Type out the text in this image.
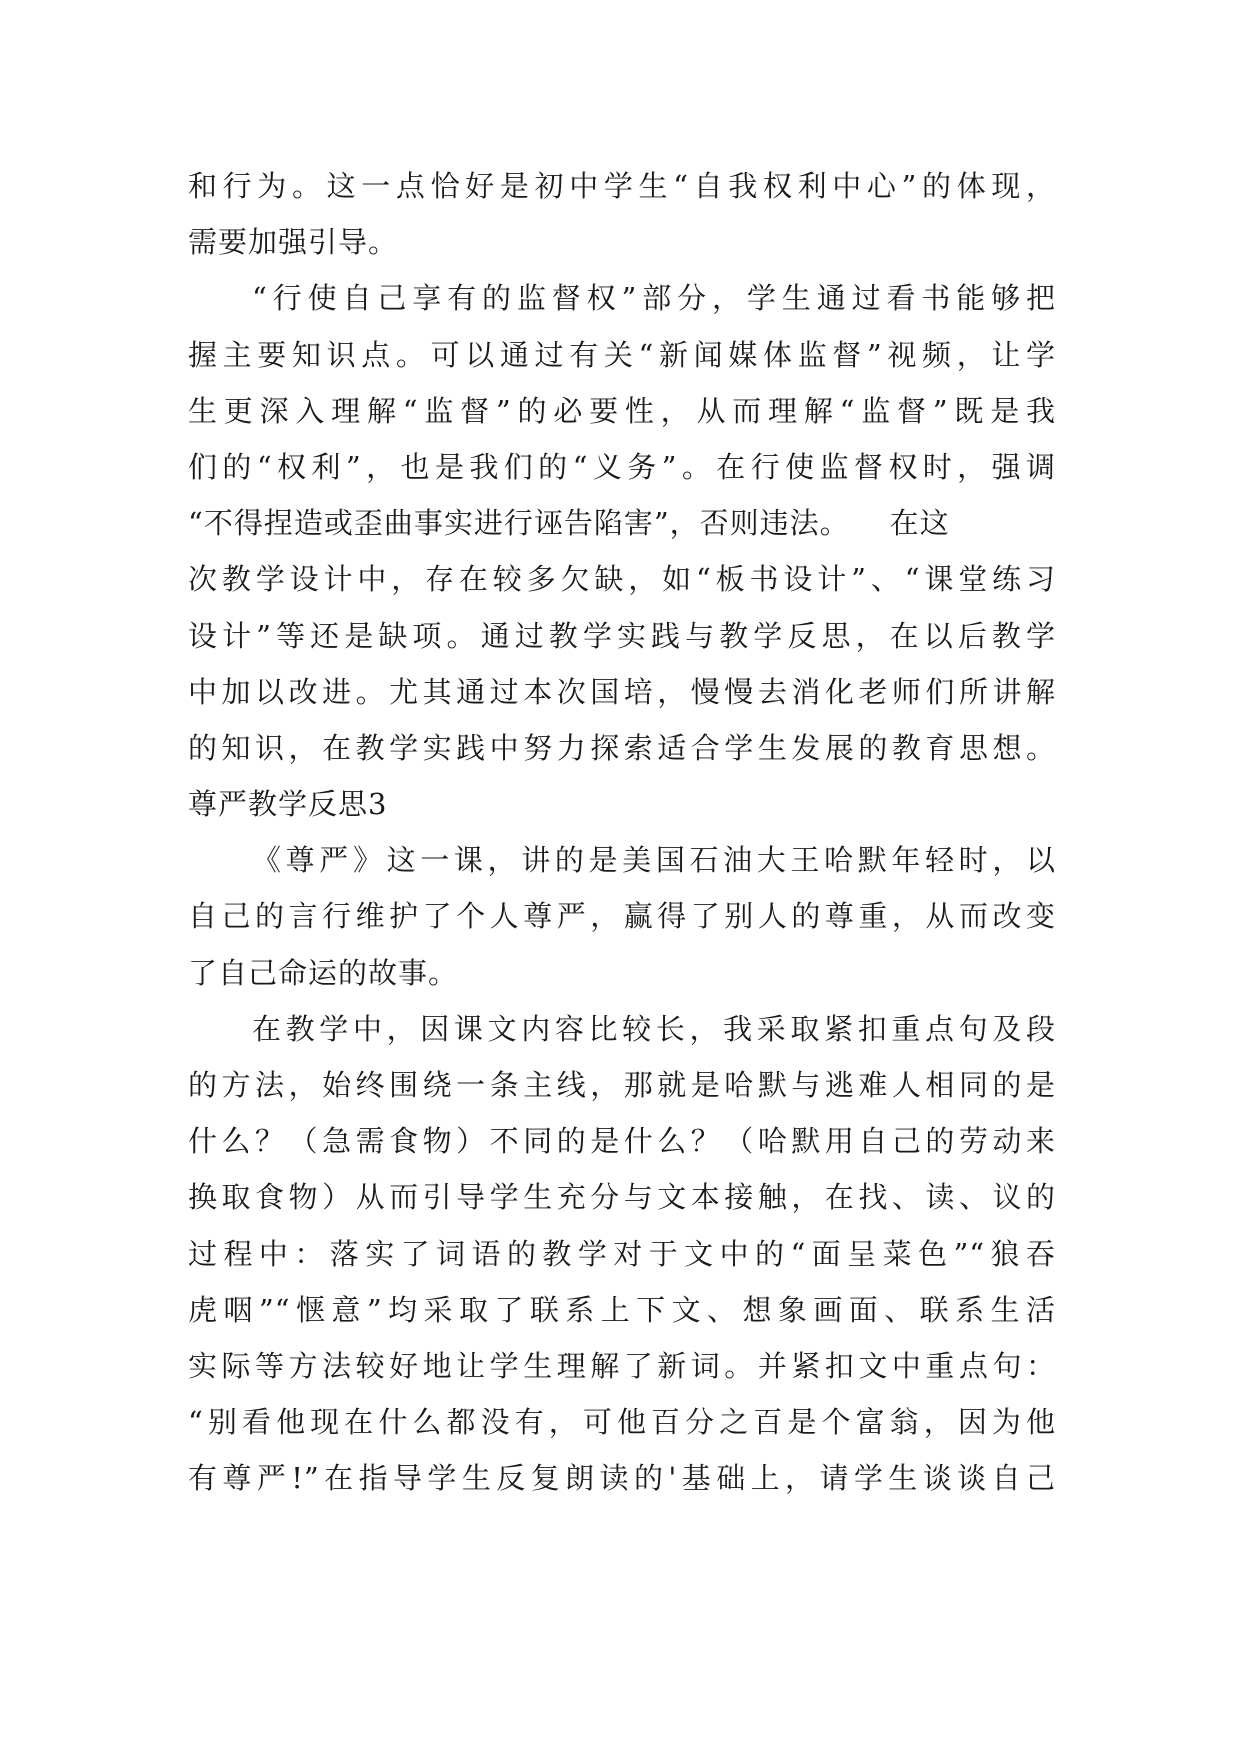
和行为。这一点恰好是初中学生“自我权利中心”的体现，
需要加强引导。
“行使自己享有的监督权”部分，学生通过看书能够把
握主要知识点。可以通过有关“新闻媒体监督”视频，让学
生更深入理解“监督”的必要性，从而理解“监督”既是我
们的“权利”，也是我们的“义务”。在行使监督权时，强调
“不得捏造或歪曲事实进行诬告陷害”，否则违法。 在这
次教学设计中，存在较多欠缺，如“板书设计”、“课堂练习
设计”等还是缺项。通过教学实践与教学反思，在以后教学
中加以改进。尤其通过本次国培，慢慢去消化老师们所讲解
的知识，在教学实践中努力探索适合学生发展的教育思想。
尊严教学反思3
《尊严》这一课，讲的是美国石油大王哈默年轻时，以
自己的言行维护了个人尊严，赢得了别人的尊重，从而改变
了自己命运的故事。
在教学中，因课文内容比较长，我采取紧扣重点句及段
的方法，始终围绕一条主线，那就是哈默与逃难人相同的是
什么？（急需食物）不同的是什么？（哈默用自己的劳动来
换取食物）从而引导学生充分与文本接触，在找、读、议的
过程中：落实了词语的教学对于文中的“面呈菜色”“狼吞
虎咽”“惬意”均采取了联系上下文、想象画面、联系生活
实际等方法较好地让学生理解了新词。并紧扣文中重点句：
“别看他现在什么都没有，可他百分之百是个富翁，因为他
有尊严!”在指导学生反复朗读的'基础上，请学生谈谈自己
